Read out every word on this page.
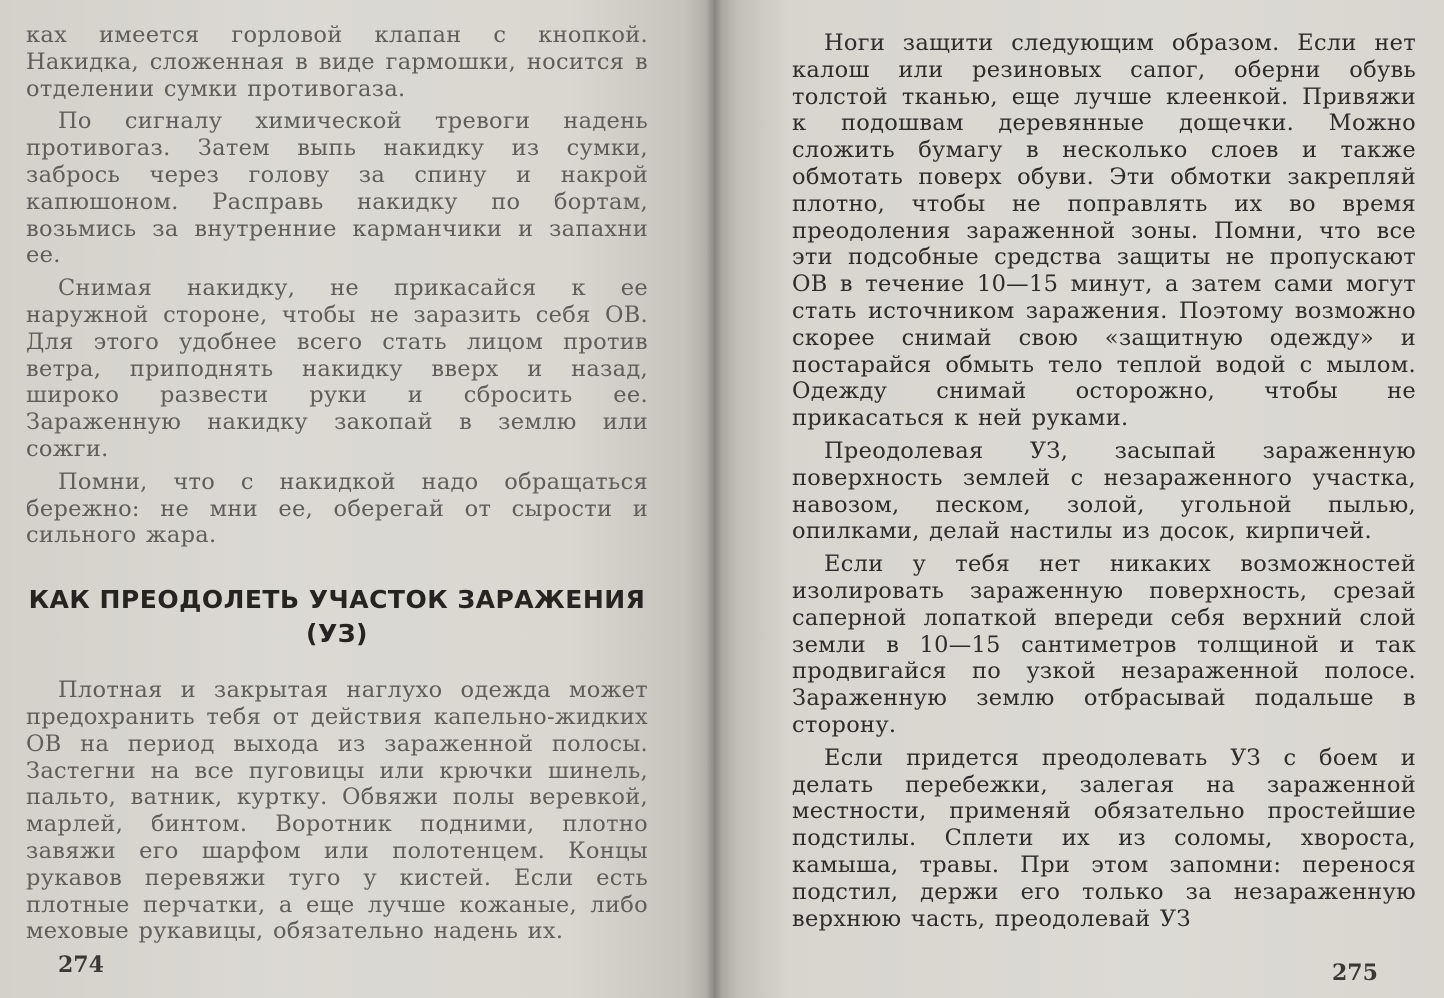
ках имеется горловой клапан с кнопкой. Накидка, сложенная в виде гармошки, носится в отделении сумки противогаза.

По сигналу химической тревоги надень противогаз. Затем выпь накидку из сумки, забрось через голову за спину и накрой капюшоном. Расправь накидку по бортам, возьмись за внутренние карманчики и запахни ее.

Снимая накидку, не прикасайся к ее наружной стороне, чтобы не заразить себя ОВ. Для этого удобнее всего стать лицом против ветра, приподнять накидку вверх и назад, широко развести руки и сбросить ее. Зараженную накидку закопай в землю или сожги.

Помни, что с накидкой надо обращаться бережно: не мни ее, оберегай от сырости и сильного жара.

КАК ПРЕОДОЛЕТЬ УЧАСТОК ЗАРАЖЕНИЯ
(УЗ)

Плотная и закрытая наглухо одежда может предохранить тебя от действия капельно-жидких ОВ на период выхода из зараженной полосы. Застегни на все пуговицы или крючки шинель, пальто, ватник, куртку. Обвяжи полы веревкой, марлей, бинтом. Воротник подними, плотно завяжи его шарфом или полотенцем. Концы рукавов перевяжи туго у кистей. Если есть плотные перчатки, а еще лучше кожаные, либо меховые рукавицы, обязательно надень их.

Ноги защити следующим образом. Если нет калош или резиновых сапог, оберни обувь толстой тканью, еще лучше клеенкой. Привяжи к подошвам деревянные дощечки. Можно сложить бумагу в несколько слоев и также обмотать поверх обуви. Эти обмотки закрепляй плотно, чтобы не поправлять их во время преодоления зараженной зоны. Помни, что все эти подсобные средства защиты не пропускают ОВ в течение 10—15 минут, а затем сами могут стать источником заражения. Поэтому возможно скорее снимай свою «защитную одежду» и постарайся обмыть тело теплой водой с мылом. Одежду снимай осторожно, чтобы не прикасаться к ней руками.

Преодолевая УЗ, засыпай зараженную поверхность землей с незараженного участка, навозом, песком, золой, угольной пылью, опилками, делай настилы из досок, кирпичей.

Если у тебя нет никаких возможностей изолировать зараженную поверхность, срезай саперной лопаткой впереди себя верхний слой земли в 10—15 сантиметров толщиной и так продвигайся по узкой незараженной полосе. Зараженную землю отбрасывай подальше в сторону.

Если придется преодолевать УЗ с боем и делать перебежки, залегая на зараженной местности, применяй обязательно простейшие подстилы. Сплети их из соломы, хвороста, камыша, травы. При этом запомни: перенося подстил, держи его только за незараженную верхнюю часть, преодолевай УЗ

274	275
